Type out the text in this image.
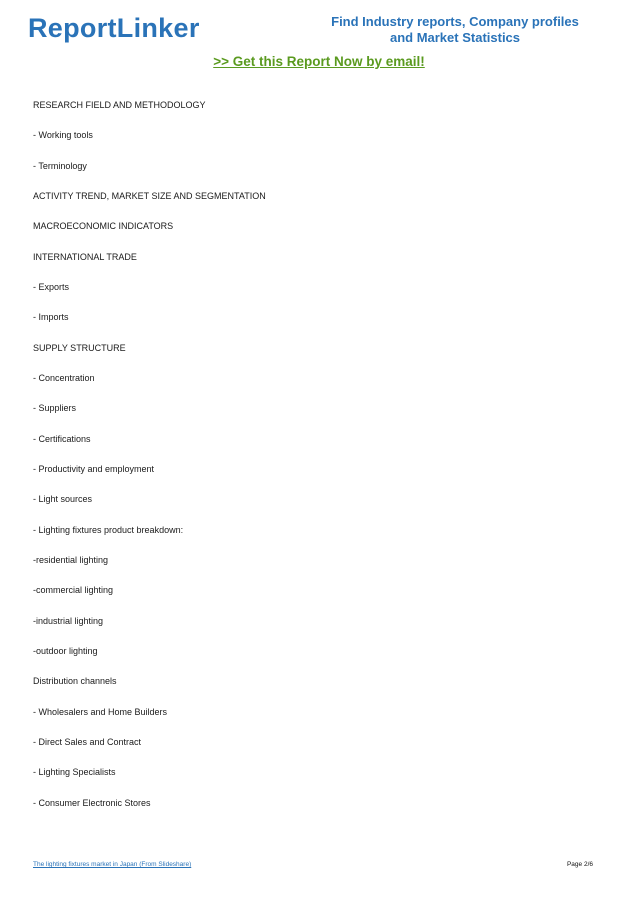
ReportLinker	Find Industry reports, Company profiles
and Market Statistics
>> Get this Report Now by email!
RESEARCH FIELD AND METHODOLOGY
- Working tools
- Terminology
ACTIVITY TREND, MARKET SIZE AND SEGMENTATION
MACROECONOMIC INDICATORS
INTERNATIONAL TRADE
- Exports
- Imports
SUPPLY STRUCTURE
- Concentration
- Suppliers
- Certifications
- Productivity and employment
- Light sources
- Lighting fixtures product breakdown:
-residential lighting
-commercial lighting
-industrial lighting
-outdoor lighting
Distribution channels
- Wholesalers and Home Builders
- Direct Sales and Contract
- Lighting Specialists
- Consumer Electronic Stores
The lighting fixtures market in Japan (From Slideshare)	Page 2/6
